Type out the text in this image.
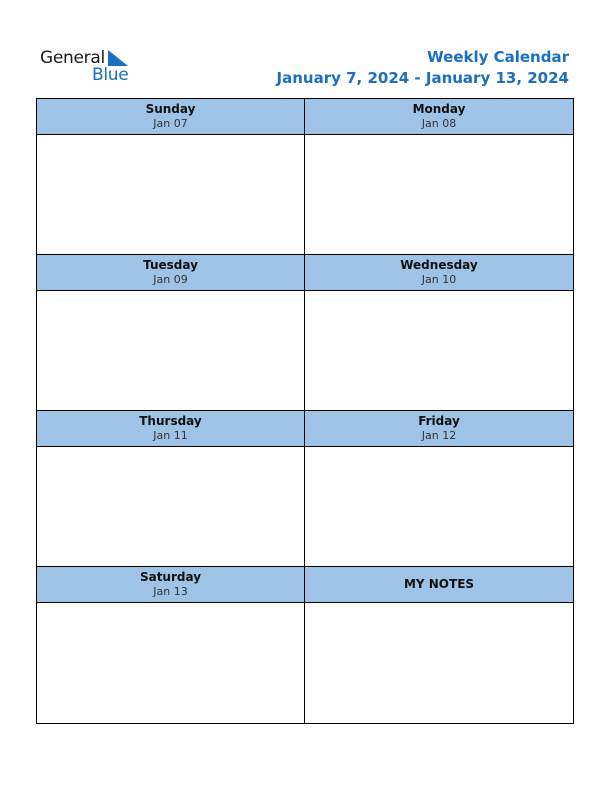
General
Blue
Weekly Calendar
January 7, 2024 - January 13, 2024
Sunday
Jan 07
Monday
Jan 08
Tuesday
Jan 09
Wednesday
Jan 10
Thursday
Jan 11
Friday
Jan 12
Saturday
Jan 13
MY NOTES
